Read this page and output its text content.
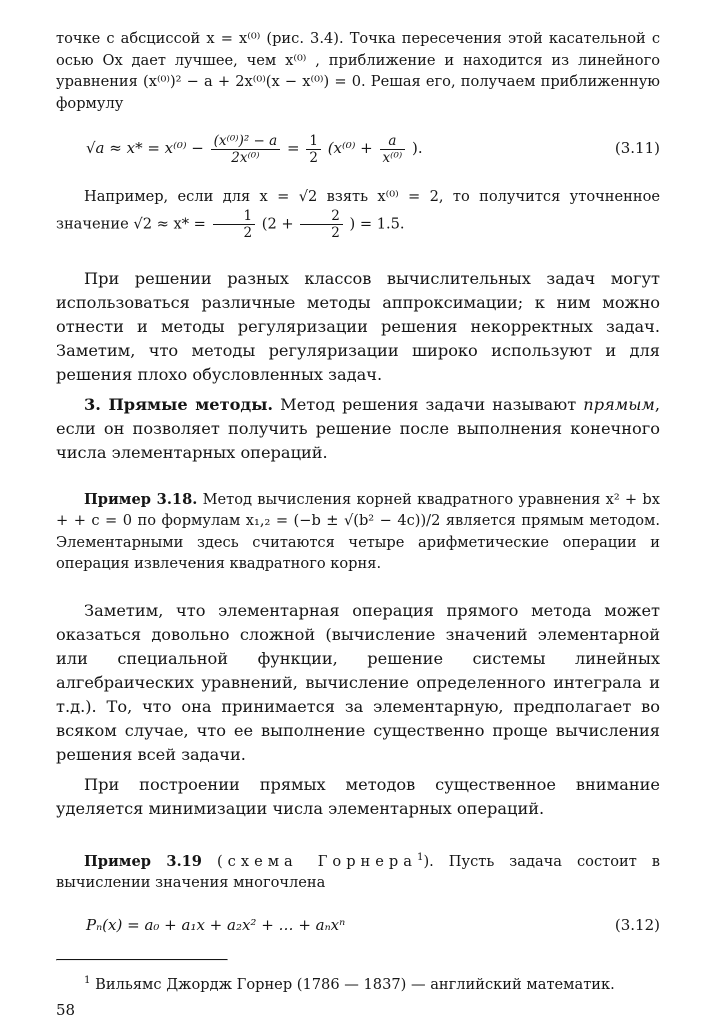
точке с абсциссой x = x⁽⁰⁾ (рис. 3.4). Точка пересечения этой касательной с осью Ox дает лучшее, чем x⁽⁰⁾ , приближение и находится из линейного уравнения (x⁽⁰⁾)² − a + 2x⁽⁰⁾(x − x⁽⁰⁾) = 0. Решая его, получаем приближенную формулу

$√a \approx x* = x^{(0)} - \frac{\text{(x⁽⁰⁾)² − a}}{\text{2x⁽⁰⁾}} = \frac{1}{2} (x^{(0)} + \frac{a}{\text{x⁽⁰⁾}}$ ).	(3.11)

Например, если для x = √2 взять x⁽⁰⁾ = 2, то получится уточненное значение $√2 \approx x* = \frac{1}{2} (2 + \frac{2}{2}$ ) = 1.5.

При решении разных классов вычислительных задач могут использоваться различные методы аппроксимации; к ним можно отнести и методы регуляризации решения некорректных задач. Заметим, что методы регуляризации широко используют и для решения плохо обусловленных задач.

3. Прямые методы. Метод решения задачи называют прямым, если он позволяет получить решение после выполнения конечного числа элементарных операций.

Пример 3.18. Метод вычисления корней квадратного уравнения x² + bx + + c = 0 по формулам x₁,₂ = (−b ± √(b² − 4c))/2 является прямым методом. Элементарными здесь считаются четыре арифметические операции и операция извлечения квадратного корня.

Заметим, что элементарная операция прямого метода может оказаться довольно сложной (вычисление значений элементарной или специальной функции, решение системы линейных алгебраических уравнений, вычисление определенного интеграла и т.д.). То, что она принимается за элементарную, предполагает во всяком случае, что ее выполнение существенно проще вычисления решения всей задачи.

При построении прямых методов существенное внимание уделяется минимизации числа элементарных операций.

Пример 3.19 (схема Горнера$^1$). Пусть задача состоит в вычислении значения многочлена

Pₙ(x) = a₀ + a₁x + a₂x² + … + aₙxⁿ	(3.12)

$^1$ Вильямс Джордж Горнер (1786 — 1837) — английский математик.

58
